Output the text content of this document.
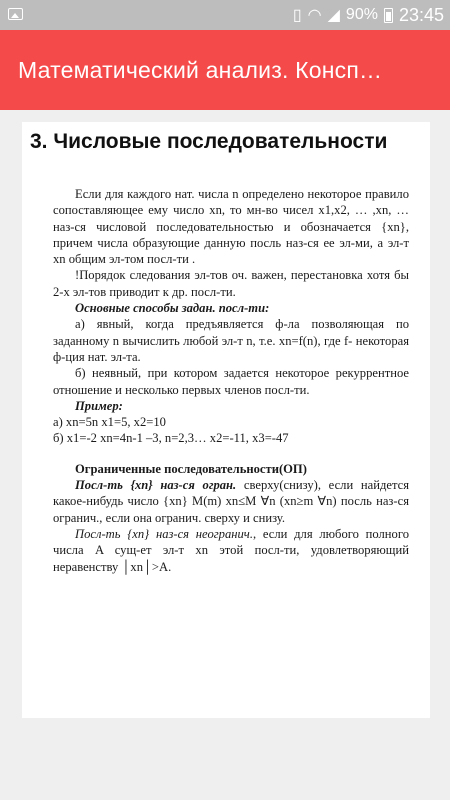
▯ ◠ ◢ 90% 23:45
Математический анализ. Консп…
3. Числовые последовательности

Если для каждого нат. числа n определено некоторое правило сопоставляющее ему число xn, то мн-во чисел x1,x2, … ,xn, … наз-ся числовой последовательностью и обозначается {xn}, причем числа образующие данную посль нaз-ся ее эл-ми, а эл-т xn общим эл-том посл-ти .

!Порядок следования эл-тов оч. важен, перестановка хотя бы 2-х эл-тов приводит к др. посл-ти.

Основные способы задан. посл-ти:

а) явный, когда предъявляется ф-ла позволяющая по заданному n вычислить любой эл-т n, т.е. xn=f(n), где f- некоторая ф-ция нат. эл-та.

б) неявный, при котором задается некоторое рекуррентное отношение и несколько первых членов посл-ти.

Пример:

а) xn=5n x1=5, x2=10

б) x1=-2 xn=4n-1 –3, n=2,3… x2=-11, x3=-47

Ограниченные последовательности(ОП)

Посл-ть {xn} наз-ся огран. сверху(снизу), если найдется какое-нибудь число {xn} M(m) xn≤M ∀n (xn≥m ∀n) посль наз-ся огранич., если она огранич. сверху и снизу.

Посл-ть {xn} наз-ся неогранич., если для любого полного числа A сущ-ет эл-т xn этой посл-ти, удовлетворяющий неравенству │xn│>A.
